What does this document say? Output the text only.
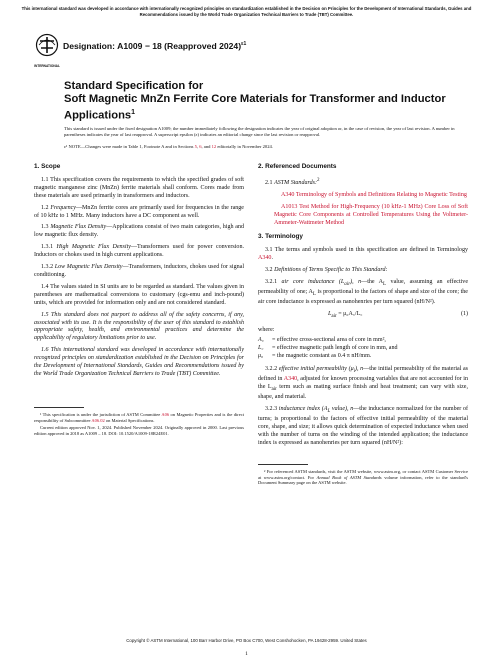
This international standard was developed in accordance with internationally recognized principles on standardization established in the Decision on Principles for the Development of International Standards, Guides and Recommendations issued by the World Trade Organization Technical Barriers to Trade (TBT) Committee.
INTERNATIONAL
Designation: A1009 − 18 (Reapproved 2024)$^{\varepsilon 1}$
Standard Specification for
Soft Magnetic MnZn Ferrite Core Materials for Transformer and Inductor Applications$^1$
This standard is issued under the fixed designation A1009; the number immediately following the designation indicates the year of original adoption or, in the case of revision, the year of last revision. A number in parentheses indicates the year of last reapproval. A superscript epsilon (ε) indicates an editorial change since the last revision or reapproval.
ε¹ NOTE—Changes were made in Table 1, Footnote A and in Sections 5, 6, and 12 editorially in November 2024.
1. Scope

1.1 This specification covers the requirements to which the specified grades of soft magnetic manganese zinc (MnZn) ferrite materials shall conform. Cores made from these materials are used primarily in transformers and inductors.

1.2 Frequency—MnZn ferrite cores are primarily used for frequencies in the range of 10 kHz to 1 MHz. Many inductors have a DC component as well.

1.3 Magnetic Flux Density—Applications consist of two main categories, high and low magnetic flux density.

1.3.1 High Magnetic Flux Density—Transformers used for power conversion. Inductors or chokes used in high current applications.

1.3.2 Low Magnetic Flux Density—Transformers, inductors, chokes used for signal conditioning.

1.4 The values stated in SI units are to be regarded as standard. The values given in parentheses are mathematical conversions to customary (cgs-emu and inch-pound) units, which are provided for information only and are not considered standard.

1.5 This standard does not purport to address all of the safety concerns, if any, associated with its use. It is the responsibility of the user of this standard to establish appropriate safety, health, and environmental practices and determine the applicability of regulatory limitations prior to use.

1.6 This international standard was developed in accordance with internationally recognized principles on standardization established in the Decision on Principles for the Development of International Standards, Guides and Recommendations issued by the World Trade Organization Technical Barriers to Trade (TBT) Committee.

¹ This specification is under the jurisdiction of ASTM Committee A06 on Magnetic Properties and is the direct responsibility of Subcommittee A06.02 on Material Specifications.
Current edition approved Nov. 1, 2024. Published November 2024. Originally approved in 2000. Last previous edition approved in 2018 as A1009 – 18. DOI: 10.1520/A1009-18R24E01.
2. Referenced Documents

2.1 ASTM Standards:$^2$

A340 Terminology of Symbols and Definitions Relating to Magnetic Testing

A1013 Test Method for High-Frequency (10 kHz-1 MHz) Core Loss of Soft Magnetic Core Components at Controlled Temperatures Using the Voltmeter-Ammeter-Wattmeter Method

3. Terminology

3.1 The terms and symbols used in this specification are defined in Terminology A340.

3.2 Definitions of Terms Specific to This Standard:

3.2.1 air core inductance $(L_{air})$, n—the $A_L$ value, assuming an effective permeability of one; $A_L$ is proportional to the factors of shape and size of the core; the air core inductance is expressed as nanohenries per turn squared (nH/N²).

$L_{air}$ = μ₀A꜀/L꜀	(1)
where:
A꜀	= effective cross-sectional area of core in mm²,
L꜀	= effective magnetic path length of core in mm, and
μ₀	= the magnetic constant as 0.4 π nH/mm.

3.2.2 effective initial permeability $(\mu_i)$, n—the initial permeability of the material as defined in A340, adjusted for known processing variables that are not accounted for in the $L_{air}$ term such as mating surface finish and heat treatment; can vary with size, shape, and material.

3.2.3 inductance index ($A_L$ value), n—the inductance normalized for the number of turns; is proportional to the factors of effective initial permeability of the material core, shape, and size; it allows quick determination of expected inductance when used with the number of turns on the winding of the intended application; the inductance index is expressed as nanohenries per turn squared (nH/N²):

² For referenced ASTM standards, visit the ASTM website, www.astm.org, or contact ASTM Customer Service at www.astm.org/contact. For Annual Book of ASTM Standards volume information, refer to the standard's Document Summary page on the ASTM website.
Copyright © ASTM International, 100 Barr Harbor Drive, PO Box C700, West Conshohocken, PA 19428-2959. United States
1
